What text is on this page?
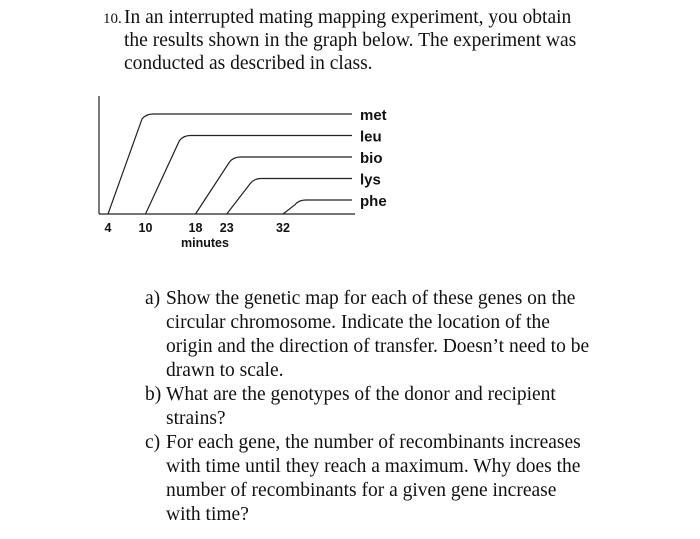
10. In an interrupted mating mapping experiment, you obtain
the results shown in the graph below. The experiment was
conducted as described in class.
met
leu
bio
lys
phe
4 10	18 23	32
minutes
a) Show the genetic map for each of these genes on the
circular chromosome. Indicate the location of the
origin and the direction of transfer. Doesn’t need to be
drawn to scale.
b) What are the genotypes of the donor and recipient
strains?
c) For each gene, the number of recombinants increases
with time until they reach a maximum. Why does the
number of recombinants for a given gene increase
with time?
